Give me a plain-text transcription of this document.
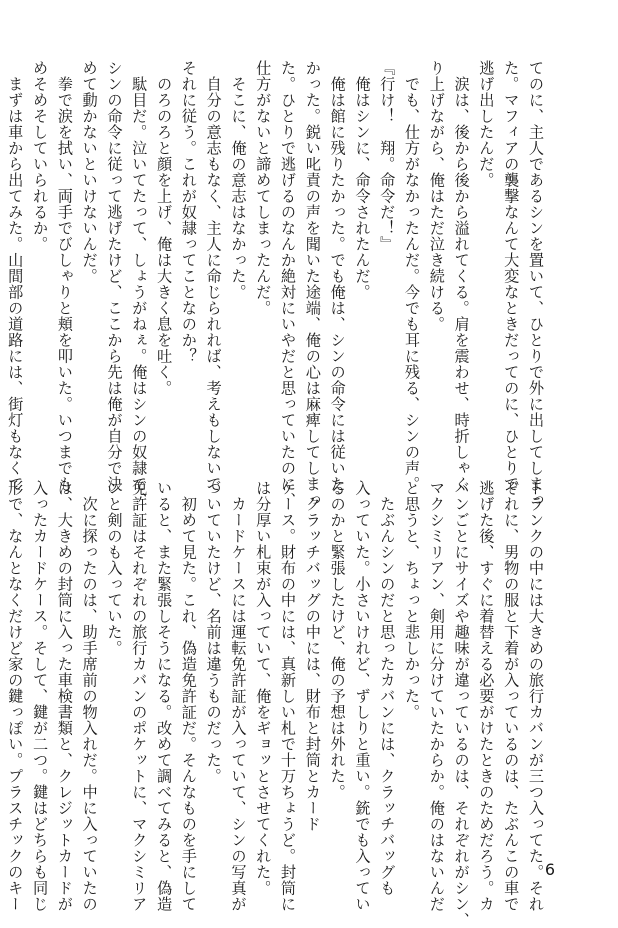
てのに、主人であるシンを置いて、ひとりで外に出してしまっ
た。マフィアの襲撃なんて大変なときだってのに、ひとりで
逃げ出したんだ。
　涙は、後から後から溢れてくる。肩を震わせ、時折しゃく
り上げながら、俺はただ泣き続ける。
　でも、仕方がなかったんだ。今でも耳に残る、シンの声。
『行け！　翔。命令だ！』
　俺はシンに、命令されたんだ。
　俺は館に残りたかった。でも俺は、シンの命令には従いた
かった。鋭い叱責の声を聞いた途端、俺の心は麻痺してしまっ
た。ひとりで逃げるのなんか絶対にいやだと思っていたのに、
仕方がないと諦めてしまったんだ。
　そこに、俺の意志はなかった。
　自分の意志もなく、主人に命じられれば、考えもしないで
それに従う。これが奴隷ってことなのか？
　のろのろと顔を上げ、俺は大きく息を吐く。
　駄目だ。泣いてたって、しょうがねぇ。俺はシンの奴隷で、
シンの命令に従って逃げたけど、ここから先は俺が自分で決
めて動かないといけないんだ。
　拳で涙を拭い、両手でびしゃりと頬を叩いた。いつまでも
めそめそしていられるか。
　まずは車から出てみた。山間部の道路には、街灯もなくて
トランクの中には大きめの旅行カバンが三つ入ってた。それ
ぞれに、男物の服と下着が入っているのは、たぶんこの車で
逃げた後、すぐに着替える必要がけたときのためだろう。カ
バンごとにサイズや趣味が違っているのは、それぞれがシン、
マクシミリアン、剣用に分けていたからか。俺のはないんだ
と思うと、ちょっと悲しかった。
　たぶんシンのだと思ったカバンには、クラッチバッグも
入っていた。小さいけれど、ずしりと重い。銃でも入ってい
るのかと緊張したけど、俺の予想は外れた。
　クラッチバッグの中には、財布と封筒とカード
ケース。財布の中には、真新しい札で十万ちょうど。封筒に
は分厚い札束が入っていて、俺をギョッとさせてくれた。
　カードケースには運転免許証が入っていて、シンの写真が
ついていたけど、名前は違うものだった。
　初めて見た。これ、偽造免許証だ。そんなものを手にして
いると、また緊張しそうになる。改めて調べてみると、偽造
免許証はそれぞれの旅行カバンのポケットに、マクシミリア
ンと剣のも入っていた。
　次に探ったのは、助手席前の物入れだ。中に入っていたの
は、大きめの封筒に入った車検書類と、クレジットカードが
入ったカードケース。そして、鍵が二つ。鍵はどちらも同じ
形で、なんとなくだけど家の鍵っぽい。プラスチックのキー	6
